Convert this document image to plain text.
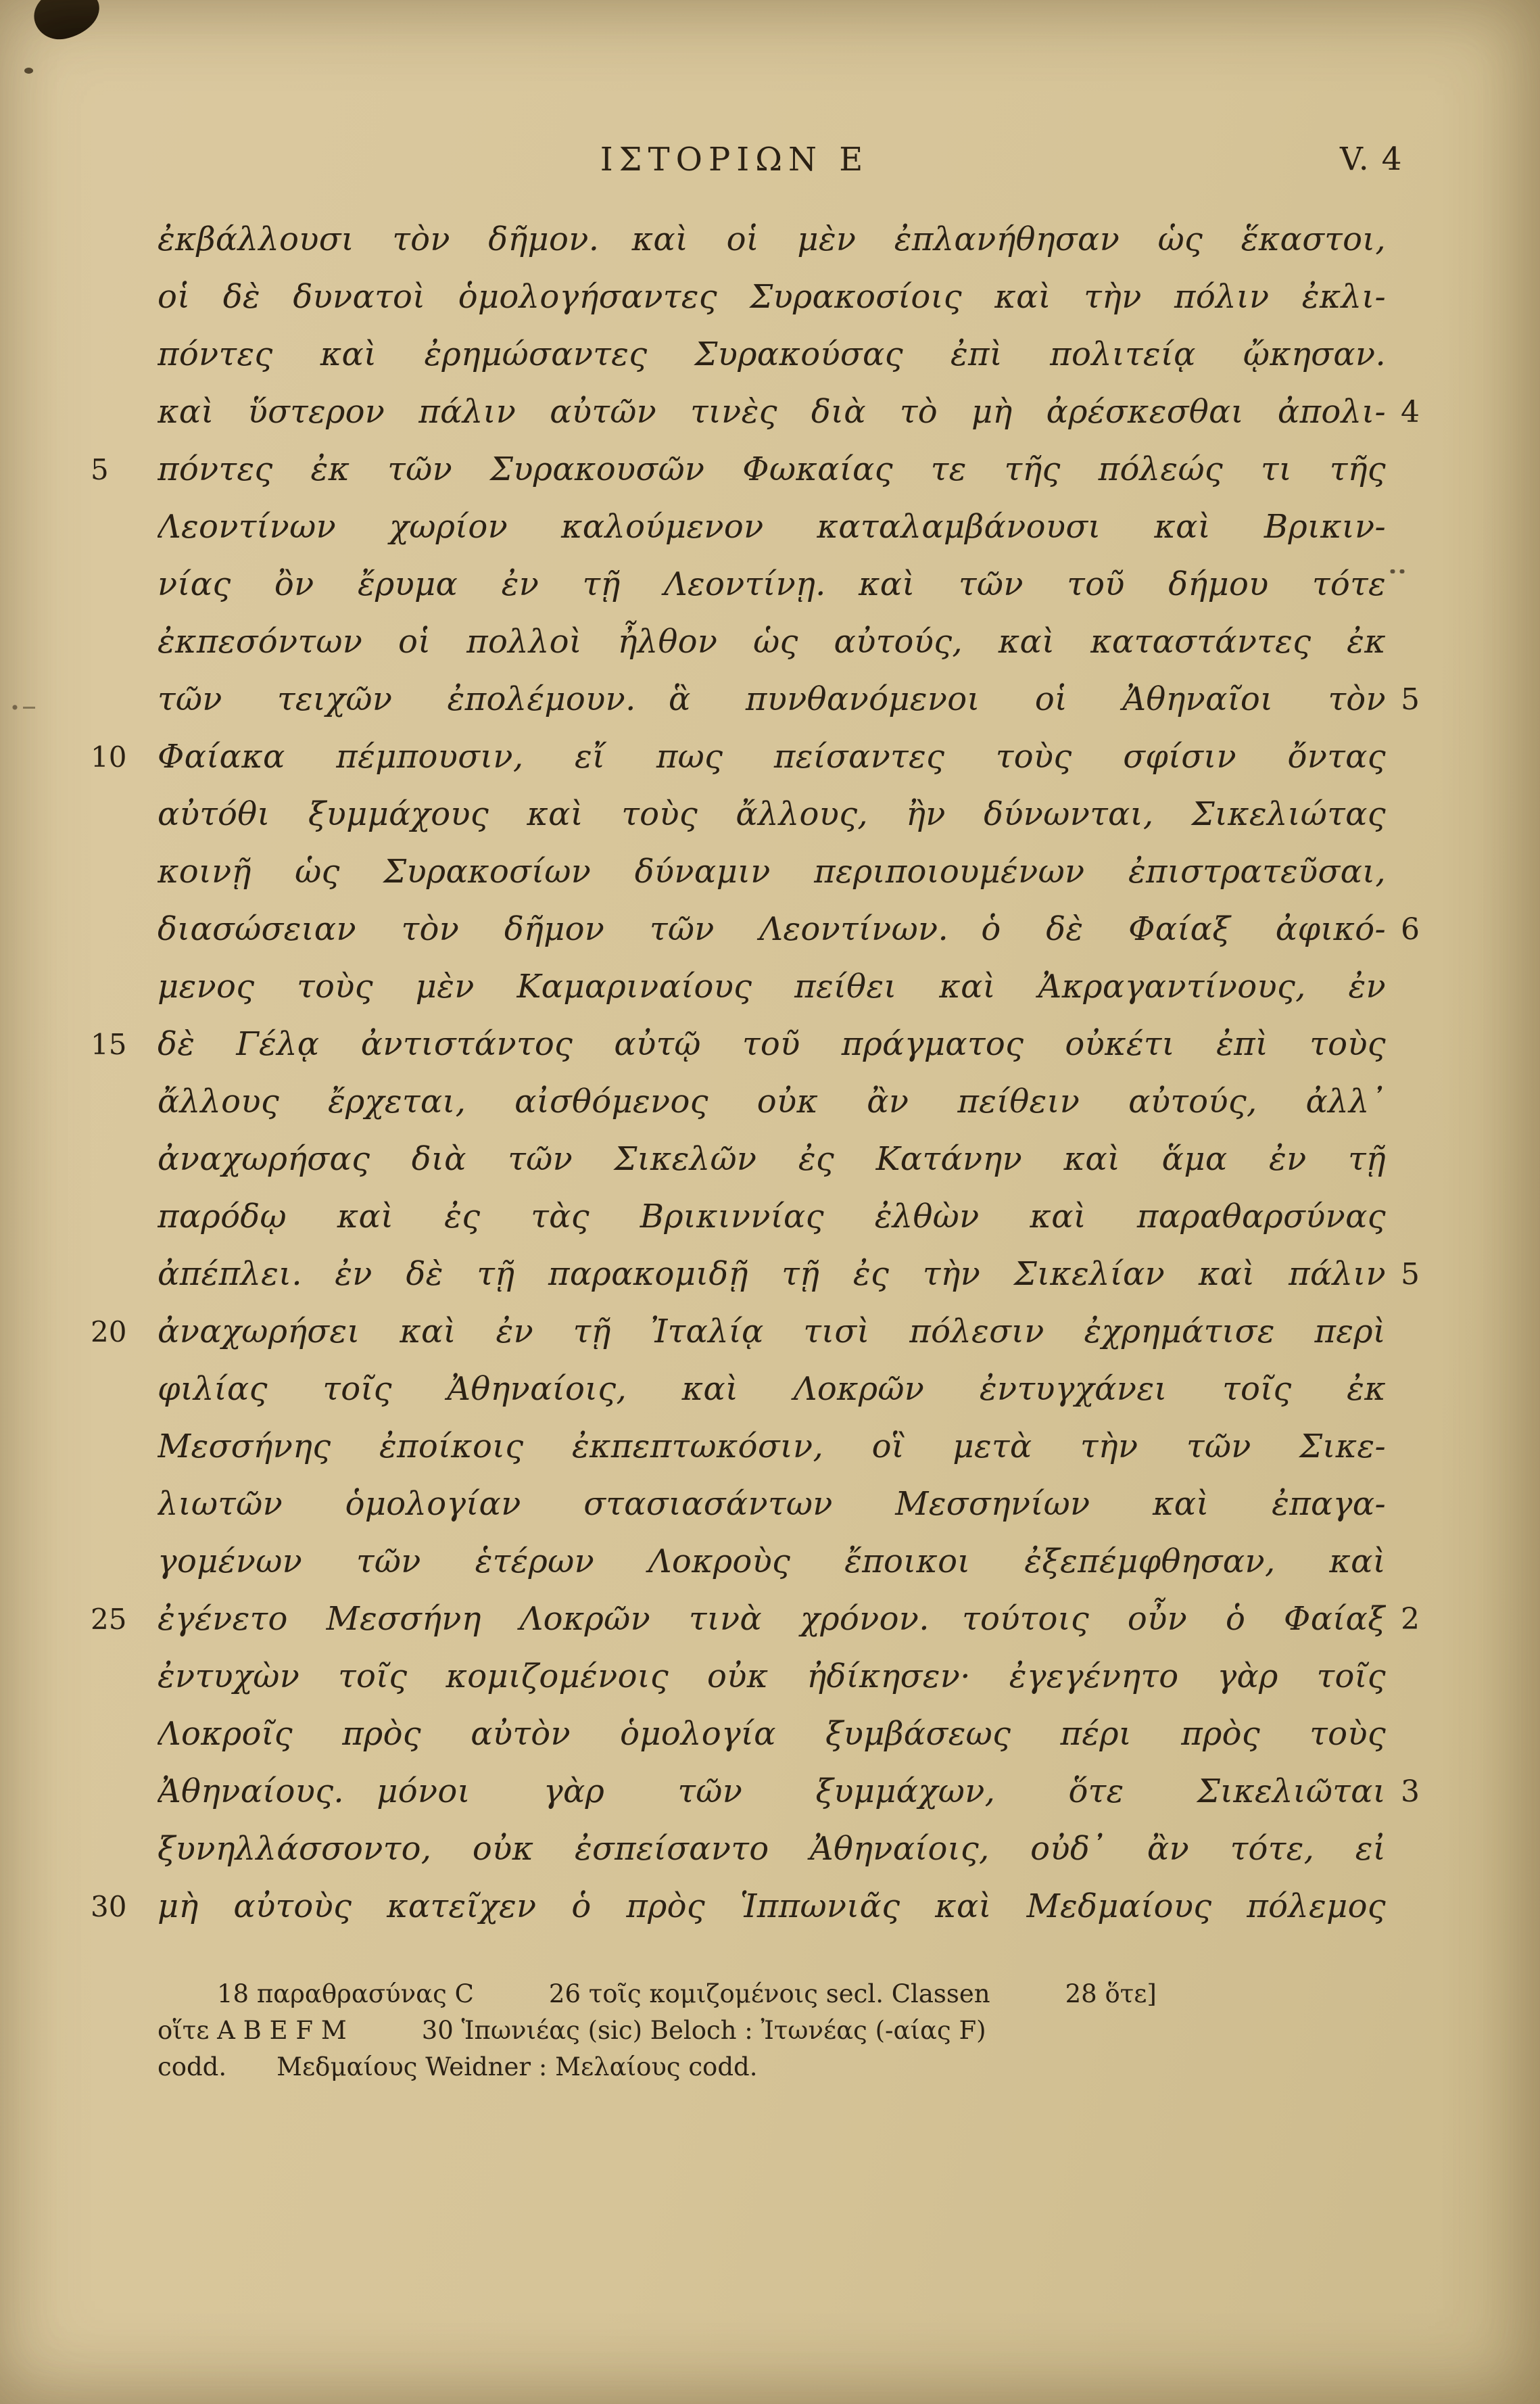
ΙΣΤΟΡΙΩΝ Ε	V. 4
ἐκβάλλουσι τὸν δῆμον. καὶ οἱ μὲν ἐπλανήθησαν ὡς ἕκαστοι,
οἱ δὲ δυνατοὶ ὁμολογήσαντες Συρακοσίοις καὶ τὴν πόλιν ἐκλι-
πόντες καὶ ἐρημώσαντες Συρακούσας ἐπὶ πολιτείᾳ ᾤκησαν.
καὶ ὕστερον πάλιν αὐτῶν τινὲς διὰ τὸ μὴ ἀρέσκεσθαι ἀπολι- 4
5	πόντες ἐκ τῶν Συρακουσῶν Φωκαίας τε τῆς πόλεώς τι τῆς
Λεοντίνων χωρίον καλούμενον καταλαμβάνουσι καὶ Βρικιν-
νίας ὂν ἔρυμα ἐν τῇ Λεοντίνῃ. καὶ τῶν τοῦ δήμου τότε
ἐκπεσόντων οἱ πολλοὶ ἦλθον ὡς αὐτούς, καὶ καταστάντες ἐκ
τῶν τειχῶν ἐπολέμουν. ἃ πυνθανόμενοι οἱ Ἀθηναῖοι τὸν 5
10 Φαίακα πέμπουσιν, εἴ πως πείσαντες τοὺς σφίσιν ὄντας
αὐτόθι ξυμμάχους καὶ τοὺς ἄλλους, ἢν δύνωνται, Σικελιώτας
κοινῇ ὡς Συρακοσίων δύναμιν περιποιουμένων ἐπιστρατεῦσαι,
διασώσειαν τὸν δῆμον τῶν Λεοντίνων. ὁ δὲ Φαίαξ ἀφικό- 6
μενος τοὺς μὲν Καμαριναίους πείθει καὶ Ἀκραγαντίνους, ἐν
15 δὲ Γέλᾳ ἀντιστάντος αὐτῷ τοῦ πράγματος οὐκέτι ἐπὶ τοὺς
ἄλλους ἔρχεται, αἰσθόμενος οὐκ ἂν πείθειν αὐτούς, ἀλλ᾽
ἀναχωρήσας διὰ τῶν Σικελῶν ἐς Κατάνην καὶ ἅμα ἐν τῇ
παρόδῳ καὶ ἐς τὰς Βρικιννίας ἐλθὼν καὶ παραθαρσύνας
ἀπέπλει. ἐν δὲ τῇ παρακομιδῇ τῇ ἐς τὴν Σικελίαν καὶ πάλιν 5
20 ἀναχωρήσει καὶ ἐν τῇ Ἰταλίᾳ τισὶ πόλεσιν ἐχρημάτισε περὶ
φιλίας τοῖς Ἀθηναίοις, καὶ Λοκρῶν ἐντυγχάνει τοῖς ἐκ
Μεσσήνης ἐποίκοις ἐκπεπτωκόσιν, οἳ μετὰ τὴν τῶν Σικε-
λιωτῶν ὁμολογίαν στασιασάντων Μεσσηνίων καὶ ἐπαγα-
γομένων τῶν ἑτέρων Λοκροὺς ἔποικοι ἐξεπέμφθησαν, καὶ
25 ἐγένετο Μεσσήνη Λοκρῶν τινὰ χρόνον. τούτοις οὖν ὁ Φαίαξ 2
ἐντυχὼν τοῖς κομιζομένοις οὐκ ἠδίκησεν· ἐγεγένητο γὰρ τοῖς
Λοκροῖς πρὸς αὐτὸν ὁμολογία ξυμβάσεως πέρι πρὸς τοὺς
Ἀθηναίους. μόνοι γὰρ τῶν ξυμμάχων, ὅτε Σικελιῶται 3
ξυνηλλάσσοντο, οὐκ ἐσπείσαντο Ἀθηναίοις, οὐδ᾽ ἂν τότε, εἰ
30 μὴ αὐτοὺς κατεῖχεν ὁ πρὸς Ἱππωνιᾶς καὶ Μεδμαίους πόλεμος
18 παραθρασύνας C   26 τοῖς κομιζομένοις secl. Classen   28 ὅτε]
οἵτε A B E F M   30 Ἱπωνιέας (sic) Beloch : Ἰτωνέας (-αίας F)
codd.  Μεδμαίους Weidner : Μελαίους codd.
